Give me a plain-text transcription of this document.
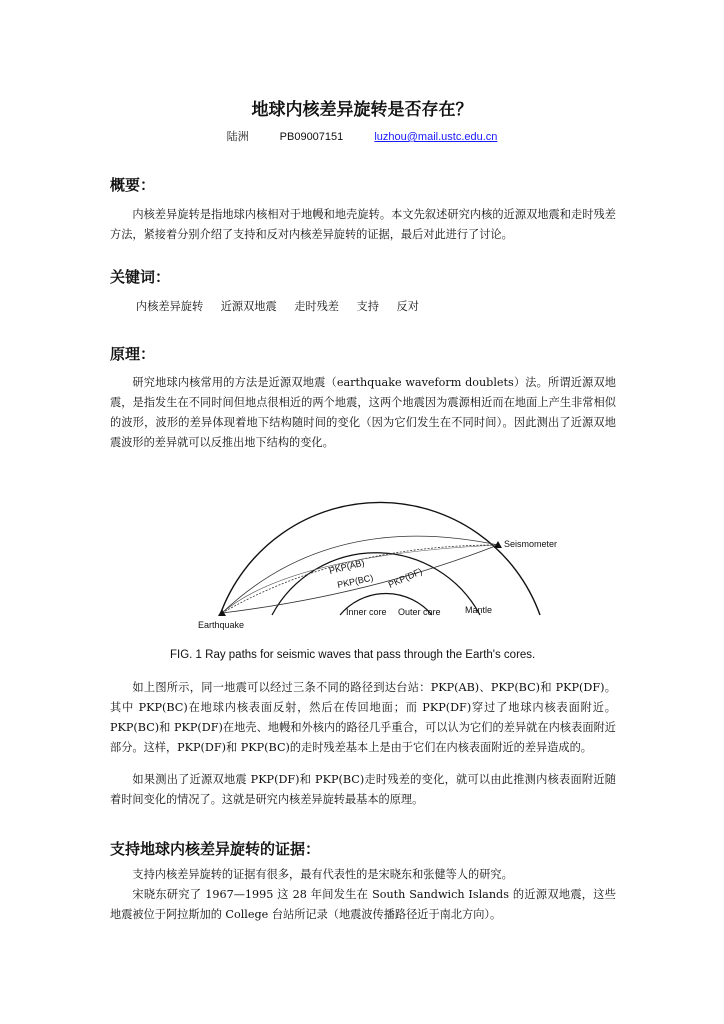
地球内核差异旋转是否存在？
陆洲	PB09007151	luzhou@mail.ustc.edu.cn
概要：
内核差异旋转是指地球内核相对于地幔和地壳旋转。本文先叙述研究内核的近源双地震和走时残差方法，紧接着分别介绍了支持和反对内核差异旋转的证据，最后对此进行了讨论。
关键词：
内核差异旋转 近源双地震 走时残差 支持 反对
原理：
研究地球内核常用的方法是近源双地震（earthquake waveform doublets）法。所谓近源双地震，是指发生在不同时间但地点很相近的两个地震，这两个地震因为震源相近而在地面上产生非常相似的波形，波形的差异体现着地下结构随时间的变化（因为它们发生在不同时间）。因此测出了近源双地震波形的差异就可以反推出地下结构的变化。
Seismometer
Earthquake
PKP(AB)
PKP(BC) PKP(DF)
Inner core Outer core	Mantle
FIG. 1 Ray paths for seismic waves that pass through the Earth's cores.
如上图所示，同一地震可以经过三条不同的路径到达台站：PKP(AB)、PKP(BC)和 PKP(DF)。其中 PKP(BC)在地球内核表面反射，然后在传回地面；而 PKP(DF)穿过了地球内核表面附近。PKP(BC)和 PKP(DF)在地壳、地幔和外核内的路径几乎重合，可以认为它们的差异就在内核表面附近部分。这样，PKP(DF)和 PKP(BC)的走时残差基本上是由于它们在内核表面附近的差异造成的。
如果测出了近源双地震 PKP(DF)和 PKP(BC)走时残差的变化，就可以由此推测内核表面附近随着时间变化的情况了。这就是研究内核差异旋转最基本的原理。
支持地球内核差异旋转的证据：
支持内核差异旋转的证据有很多，最有代表性的是宋晓东和张健等人的研究。
宋晓东研究了 1967—1995 这 28 年间发生在 South Sandwich Islands 的近源双地震，这些地震被位于阿拉斯加的 College 台站所记录（地震波传播路径近于南北方向）。
